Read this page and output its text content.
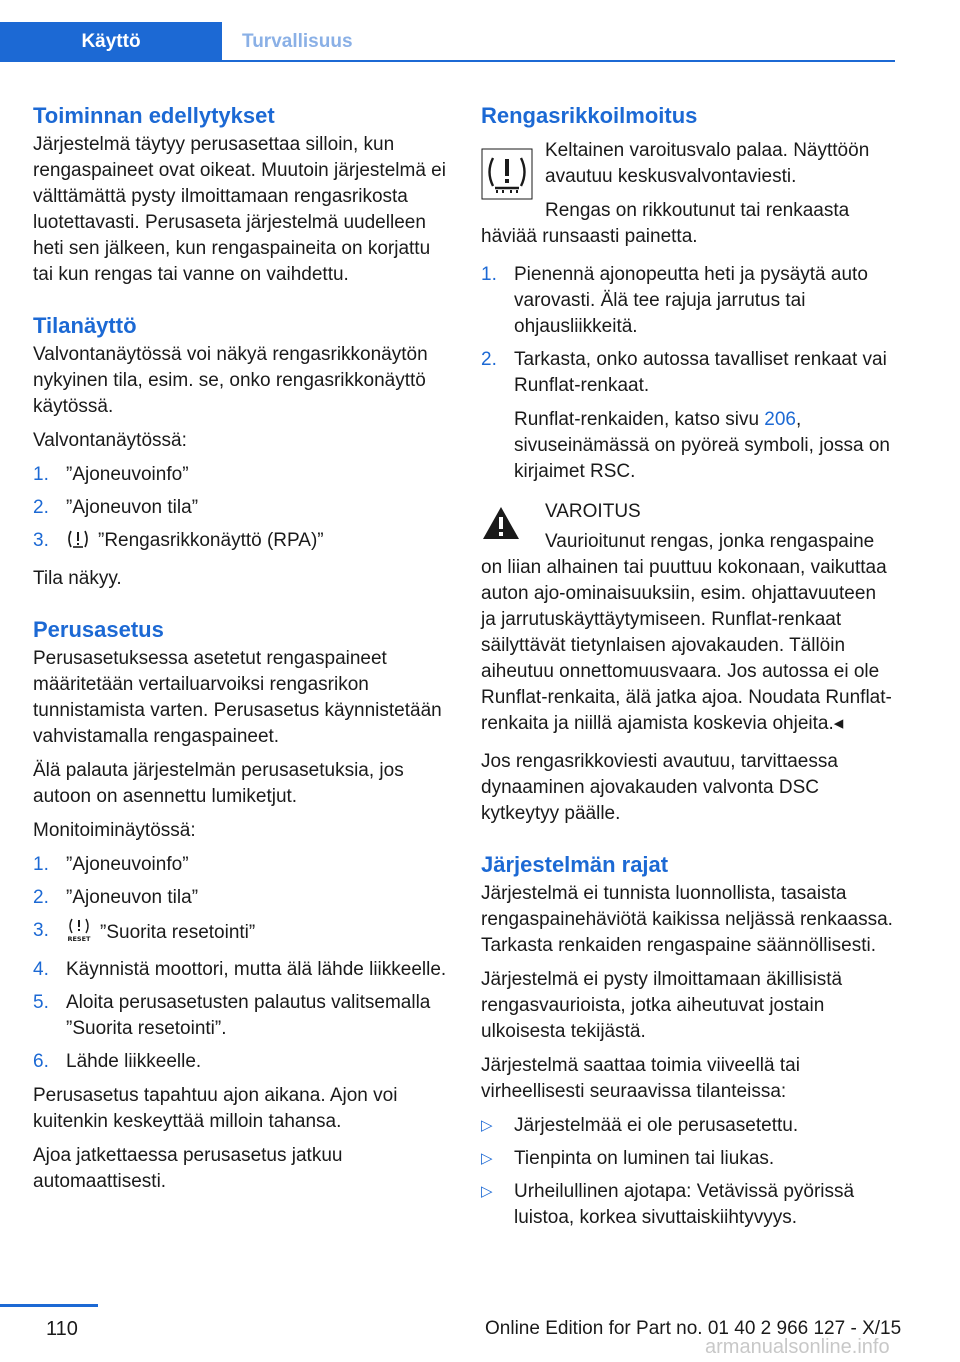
Käyttö	Turvallisuus
Toiminnan edellytykset

Järjestelmä täytyy perusasettaa silloin, kun rengaspaineet ovat oikeat. Muutoin järjestelmä ei välttämättä pysty ilmoittamaan rengasrikosta luotettavasti. Perusaseta järjestelmä uudelleen heti sen jälkeen, kun rengaspaineita on korjattu tai kun rengas tai vanne on vaihdettu.

Tilanäyttö

Valvontanäytössä voi näkyä rengasrikkonäytön nykyinen tila, esim. se, onko rengasrikkonäyttö käytössä.

Valvontanäytössä:

1. ”Ajoneuvoinfo”
2. ”Ajoneuvon tila”
3.	”Rengasrikkonäyttö (RPA)”

Tila näkyy.

Perusasetus

Perusasetuksessa asetetut rengaspaineet määritetään vertailuarvoiksi rengasrikon tunnistamista varten. Perusasetus käynnistetään vahvistamalla rengaspaineet.

Älä palauta järjestelmän perusasetuksia, jos autoon on asennettu lumiketjut.

Monitoiminäytössä:

1. ”Ajoneuvoinfo”
2. ”Ajoneuvon tila”
3.	RESET ”Suorita resetointi”
4. Käynnistä moottori, mutta älä lähde liikkeelle.
5. Aloita perusasetusten palautus valitsemalla ”Suorita resetointi”.
6. Lähde liikkeelle.

Perusasetus tapahtuu ajon aikana. Ajon voi kuitenkin keskeyttää milloin tahansa.

Ajoa jatkettaessa perusasetus jatkuu automaattisesti.

Rengasrikkoilmoitus

Keltainen varoitusvalo palaa. Näyttöön avautuu keskusvalvontaviesti.

Rengas on rikkoutunut tai renkaasta

häviää runsaasti painetta.

1. Pienennä ajonopeutta heti ja pysäytä auto varovasti. Älä tee rajuja jarrutus tai ohjausliikkeitä.
2. Tarkasta, onko autossa tavalliset renkaat vai Runflat-renkaat.
Runflat-renkaiden, katso sivu 206, sivuseinämässä on pyöreä symboli, jossa on kirjaimet RSC.

VAROITUS

Vaurioitunut rengas, jonka rengaspaine

on liian alhainen tai puuttuu kokonaan, vaikuttaa auton ajo-ominaisuuksiin, esim. ohjattavuuteen ja jarrutuskäyttäytymiseen. Runflat-renkaat säilyttävät tietynlaisen ajovakauden. Tällöin aiheutuu onnettomuusvaara. Jos autossa ei ole Runflat-renkaita, älä jatka ajoa. Noudata Runflat-renkaita ja niillä ajamista koskevia ohjeita.◂

Jos rengasrikkoviesti avautuu, tarvittaessa dynaaminen ajovakauden valvonta DSC kytkeytyy päälle.

Järjestelmän rajat

Järjestelmä ei tunnista luonnollista, tasaista rengaspainehäviötä kaikissa neljässä renkaassa. Tarkasta renkaiden rengaspaine säännöllisesti.

Järjestelmä ei pysty ilmoittamaan äkillisistä rengasvaurioista, jotka aiheutuvat jostain ulkoisesta tekijästä.

Järjestelmä saattaa toimia viiveellä tai virheellisesti seuraavissa tilanteissa:

▷ Järjestelmää ei ole perusasetettu.
▷ Tienpinta on luminen tai liukas.
▷ Urheilullinen ajotapa: Vetävissä pyörissä luistoa, korkea sivuttaiskiihtyvyys.
110	Online Edition for Part no. 01 40 2 966 127 - X/15
armanualsonline.info
